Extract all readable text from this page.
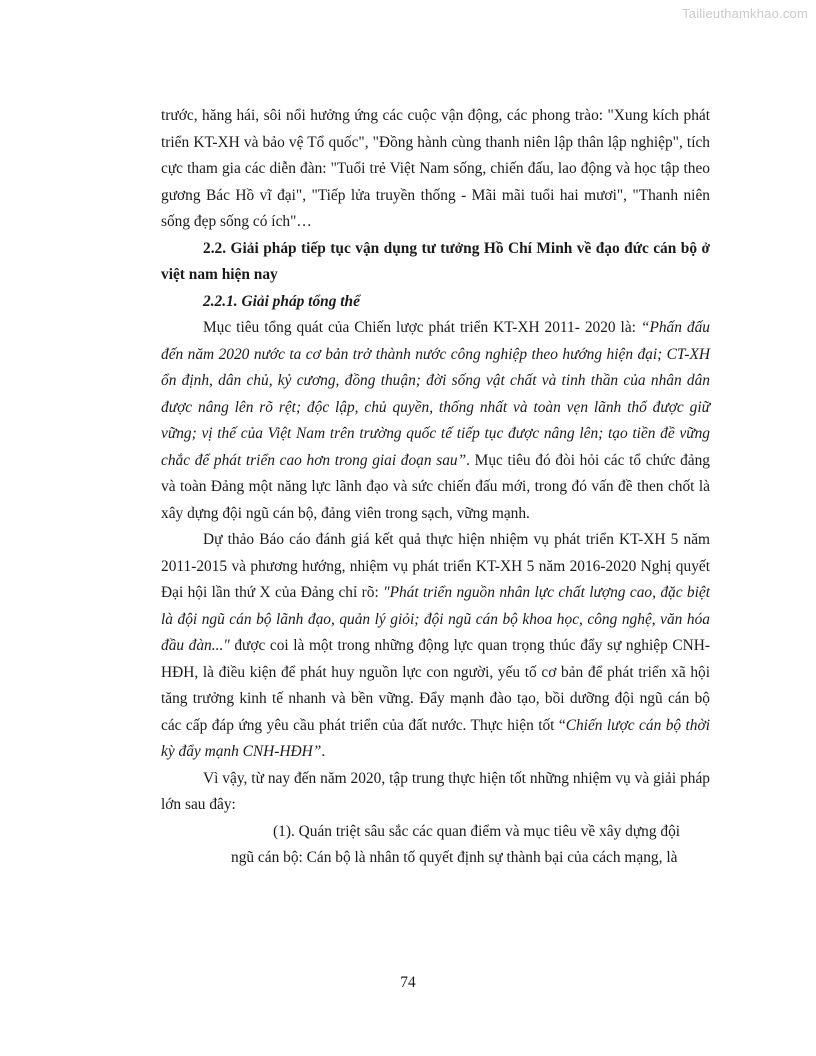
Tailieuthamkhao.com

trước, hăng hái, sôi nổi hưởng ứng các cuộc vận động, các phong trào: "Xung kích phát triển KT-XH và bảo vệ Tổ quốc", "Đồng hành cùng thanh niên lập thân lập nghiệp", tích cực tham gia các diễn đàn: "Tuổi trẻ Việt Nam sống, chiến đấu, lao động và học tập theo gương Bác Hồ vĩ đại", "Tiếp lửa truyền thống - Mãi mãi tuổi hai mươi", "Thanh niên sống đẹp sống có ích"…

2.2. Giải pháp tiếp tục vận dụng tư tưởng Hồ Chí Minh về đạo đức cán bộ ở việt nam hiện nay

2.2.1. Giải pháp tổng thể

Mục tiêu tổng quát của Chiến lược phát triển KT-XH 2011- 2020 là: “Phấn đấu đến năm 2020 nước ta cơ bản trở thành nước công nghiệp theo hướng hiện đại; CT-XH ổn định, dân chủ, kỷ cương, đồng thuận; đời sống vật chất và tinh thần của nhân dân được nâng lên rõ rệt; độc lập, chủ quyền, thống nhất và toàn vẹn lãnh thổ được giữ vững; vị thế của Việt Nam trên trường quốc tế tiếp tục được nâng lên; tạo tiền đề vững chắc để phát triển cao hơn trong giai đoạn sau”. Mục tiêu đó đòi hỏi các tổ chức đảng và toàn Đảng một năng lực lãnh đạo và sức chiến đấu mới, trong đó vấn đề then chốt là xây dựng đội ngũ cán bộ, đảng viên trong sạch, vững mạnh.

Dự thảo Báo cáo đánh giá kết quả thực hiện nhiệm vụ phát triển KT-XH 5 năm 2011-2015 và phương hướng, nhiệm vụ phát triển KT-XH 5 năm 2016-2020 Nghị quyết Đại hội lần thứ X của Đảng chỉ rõ: "Phát triển nguồn nhân lực chất lượng cao, đặc biệt là đội ngũ cán bộ lãnh đạo, quản lý giỏi; đội ngũ cán bộ khoa học, công nghệ, văn hóa đầu đàn..." được coi là một trong những động lực quan trọng thúc đẩy sự nghiệp CNH-HĐH, là điều kiện để phát huy nguồn lực con người, yếu tố cơ bản để phát triển xã hội tăng trưởng kinh tế nhanh và bền vững. Đẩy mạnh đào tạo, bồi dưỡng đội ngũ cán bộ các cấp đáp ứng yêu cầu phát triển của đất nước. Thực hiện tốt “Chiến lược cán bộ thời kỳ đẩy mạnh CNH-HĐH”.

Vì vậy, từ nay đến năm 2020, tập trung thực hiện tốt những nhiệm vụ và giải pháp lớn sau đây:

(1). Quán triệt sâu sắc các quan điểm và mục tiêu về xây dựng đội

ngũ cán bộ: Cán bộ là nhân tố quyết định sự thành bại của cách mạng, là

74
